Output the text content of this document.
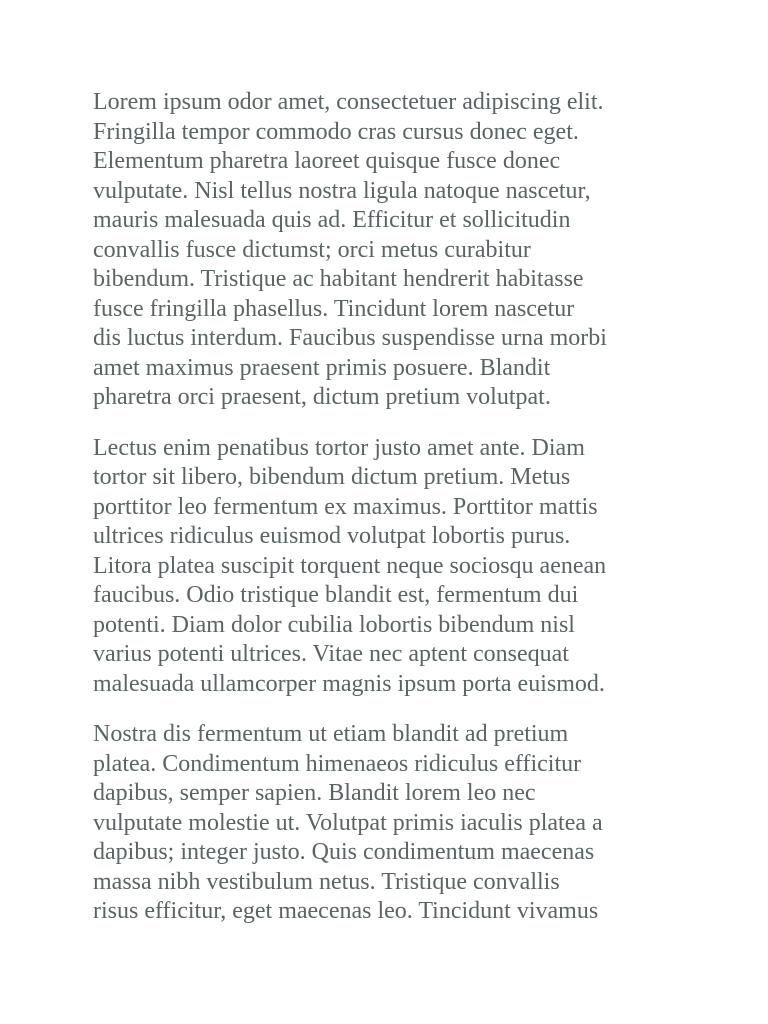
Lorem ipsum odor amet, consectetuer adipiscing elit.
Fringilla tempor commodo cras cursus donec eget.
Elementum pharetra laoreet quisque fusce donec
vulputate. Nisl tellus nostra ligula natoque nascetur,
mauris malesuada quis ad. Efficitur et sollicitudin
convallis fusce dictumst; orci metus curabitur
bibendum. Tristique ac habitant hendrerit habitasse
fusce fringilla phasellus. Tincidunt lorem nascetur
dis luctus interdum. Faucibus suspendisse urna morbi
amet maximus praesent primis posuere. Blandit
pharetra orci praesent, dictum pretium volutpat.

Lectus enim penatibus tortor justo amet ante. Diam
tortor sit libero, bibendum dictum pretium. Metus
porttitor leo fermentum ex maximus. Porttitor mattis
ultrices ridiculus euismod volutpat lobortis purus.
Litora platea suscipit torquent neque sociosqu aenean
faucibus. Odio tristique blandit est, fermentum dui
potenti. Diam dolor cubilia lobortis bibendum nisl
varius potenti ultrices. Vitae nec aptent consequat
malesuada ullamcorper magnis ipsum porta euismod.

Nostra dis fermentum ut etiam blandit ad pretium
platea. Condimentum himenaeos ridiculus efficitur
dapibus, semper sapien. Blandit lorem leo nec
vulputate molestie ut. Volutpat primis iaculis platea a
dapibus; integer justo. Quis condimentum maecenas
massa nibh vestibulum netus. Tristique convallis
risus efficitur, eget maecenas leo. Tincidunt vivamus
